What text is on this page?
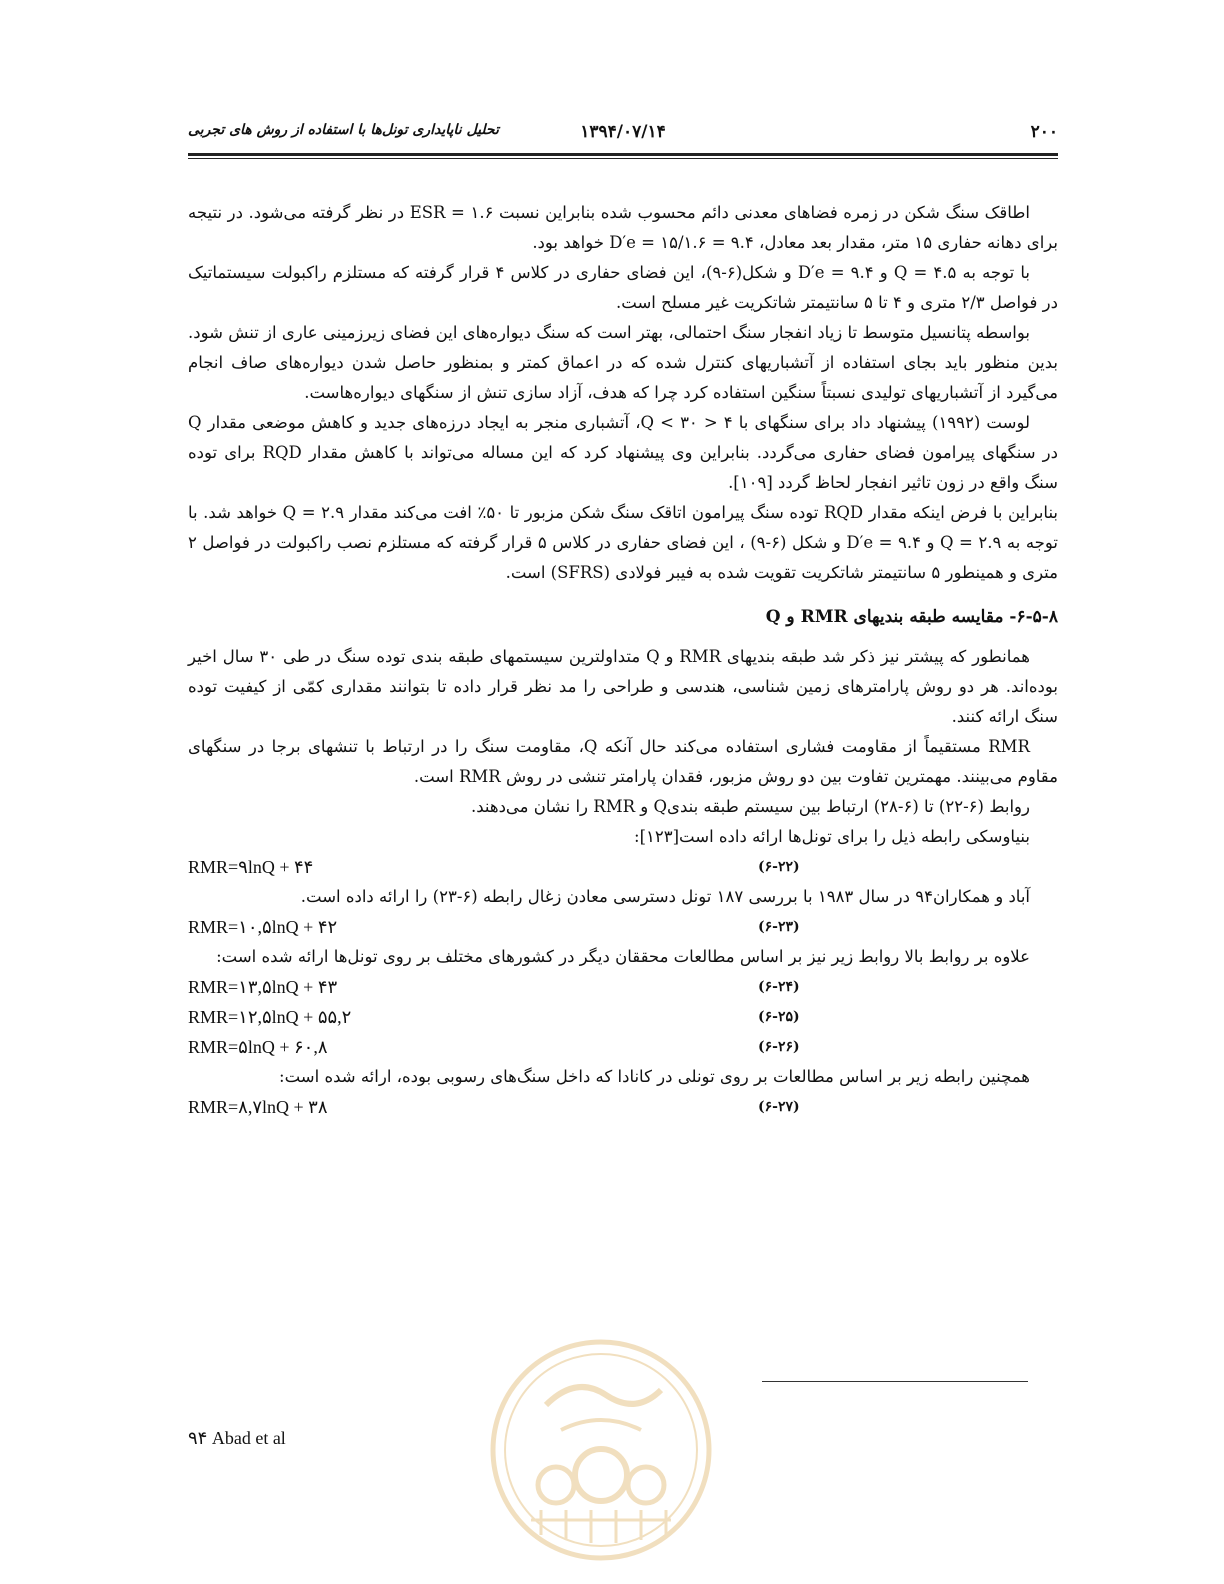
۲۰۰
۱۳۹۴/۰۷/۱۴
تحلیل ناپایداری تونل‌ها با استفاده از روش های تجربی

اطاقک سنگ شکن در زمره فضاهای معدنی دائم محسوب شده بنابراین نسبت ESR = ۱.۶ در نظر گرفته می‌شود. در نتیجه برای دهانه حفاری ۱۵ متر، مقدار بعد معادل، D′e = ۱۵/۱.۶ = ۹.۴ خواهد بود.

با توجه به Q = ۴.۵ و D′e = ۹.۴ و شکل(۶-۹)، این فضای حفاری در کلاس ۴ قرار گرفته که مستلزم راکبولت سیستماتیک در فواصل ۲/۳ متری و ۴ تا ۵ سانتیمتر شاتکریت غیر مسلح است.

بواسطه پتانسیل متوسط تا زیاد انفجار سنگ احتمالی، بهتر است که سنگ دیواره‌های این فضای زیرزمینی عاری از تنش شود. بدین منظور باید بجای استفاده از آتشباریهای کنترل شده که در اعماق کمتر و بمنظور حاصل شدن دیواره‌های صاف انجام می‌گیرد از آتشباریهای تولیدی نسبتاً سنگین استفاده کرد چرا که هدف، آزاد سازی تنش از سنگهای دیواره‌هاست.

لوست (۱۹۹۲) پیشنهاد داد برای سنگهای با ۴ < Q < ۳۰، آتشباری منجر به ایجاد درزه‌های جدید و کاهش موضعی مقدار Q در سنگهای پیرامون فضای حفاری می‌گردد. بنابراین وی پیشنهاد کرد که این مساله می‌تواند با کاهش مقدار RQD برای توده سنگ واقع در زون تاثیر انفجار لحاظ گردد [۱۰۹].

بنابراین با فرض اینکه مقدار RQD توده سنگ پیرامون اتاقک سنگ شکن مزبور تا ۵۰٪ افت می‌کند مقدار Q = ۲.۹ خواهد شد. با توجه به Q = ۲.۹ و D′e = ۹.۴ و شکل (۶-۹) ، این فضای حفاری در کلاس ۵ قرار گرفته که مستلزم نصب راکبولت در فواصل ۲ متری و همینطور ۵ سانتیمتر شاتکریت تقویت شده به فیبر فولادی (SFRS) است.

۶-۵-۸- مقایسه طبقه بندیهای RMR و Q

همانطور که پیشتر نیز ذکر شد طبقه بندیهای RMR و Q متداولترین سیستمهای طبقه بندی توده سنگ در طی ۳۰ سال اخیر بوده‌اند. هر دو روش پارامترهای زمین شناسی، هندسی و طراحی را مد نظر قرار داده تا بتوانند مقداری کمّی از کیفیت توده سنگ ارائه کنند.

RMR مستقیماً از مقاومت فشاری استفاده می‌کند حال آنکه Q، مقاومت سنگ را در ارتباط با تنشهای برجا در سنگهای مقاوم می‌بینند. مهمترین تفاوت بین دو روش مزبور، فقدان پارامتر تنشی در روش RMR است.

روابط (۶-۲۲) تا (۶-۲۸) ارتباط بین سیستم طبقه بندیQ و RMR را نشان می‌دهند.
بنیاوسکی رابطه ذیل را برای تونل‌ها ارائه داده است[۱۲۳]:
RMR=۹lnQ + ۴۴	(۶-۲۲)
آباد و همکاران۹۴ در سال ۱۹۸۳ با بررسی ۱۸۷ تونل دسترسی معادن زغال رابطه (۶-۲۳) را ارائه داده است.
RMR=۱۰,۵lnQ + ۴۲	(۶-۲۳)

علاوه بر روابط بالا روابط زیر نیز بر اساس مطالعات محققان دیگر در کشورهای مختلف بر روی تونل‌ها ارائه شده است:

RMR=۱۳,۵lnQ + ۴۳	(۶-۲۴)
RMR=۱۲,۵lnQ + ۵۵,۲	(۶-۲۵)
RMR=۵lnQ + ۶۰,۸	(۶-۲۶)
همچنین رابطه زیر بر اساس مطالعات بر روی تونلی در کانادا که داخل سنگ‌های رسوبی بوده، ارائه شده است:
RMR=۸,۷lnQ + ۳۸	(۶-۲۷)
۹۴ Abad et al
